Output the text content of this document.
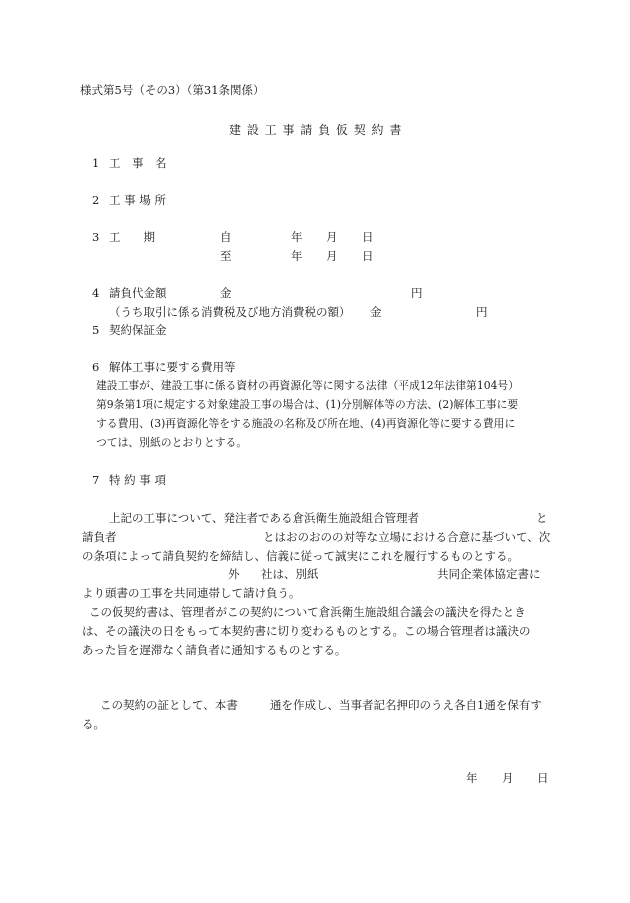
様式第5号（その3）（第31条関係）
建 設 工 事 請 負 仮 契 約 書
1 工　事　名
2 工 事 場 所
3 工　　期	自	年 月 日
至	年 月 日
4 請負代金額	金	円
（うち取引に係る消費税及び地方消費税の額） 金	円
5 契約保証金
6 解体工事に要する費用等
建設工事が、建設工事に係る資材の再資源化等に関する法律（平成12年法律第104号）
第9条第1項に規定する対象建設工事の場合は、(1)分別解体等の方法、(2)解体工事に要
する費用、(3)再資源化等をする施設の名称及び所在地、(4)再資源化等に要する費用に
つては、別紙のとおりとする。
7 特 約 事 項
上記の工事について、発注者である倉浜衛生施設組合管理者	と
請負者	とはおのおのの対等な立場における合意に基づいて、次
の条項によって請負契約を締結し、信義に従って誠実にこれを履行するものとする。
外 社は、別紙	共同企業体協定書に
より頭書の工事を共同連帯して請け負う。
この仮契約書は、管理者がこの契約について倉浜衛生施設組合議会の議決を得たとき
は、その議決の日をもって本契約書に切り変わるものとする。この場合管理者は議決の
あった旨を遅滞なく請負者に通知するものとする。
この契約の証として、本書	通を作成し、当事者記名押印のうえ各自1通を保有す
る。
年 月 日
